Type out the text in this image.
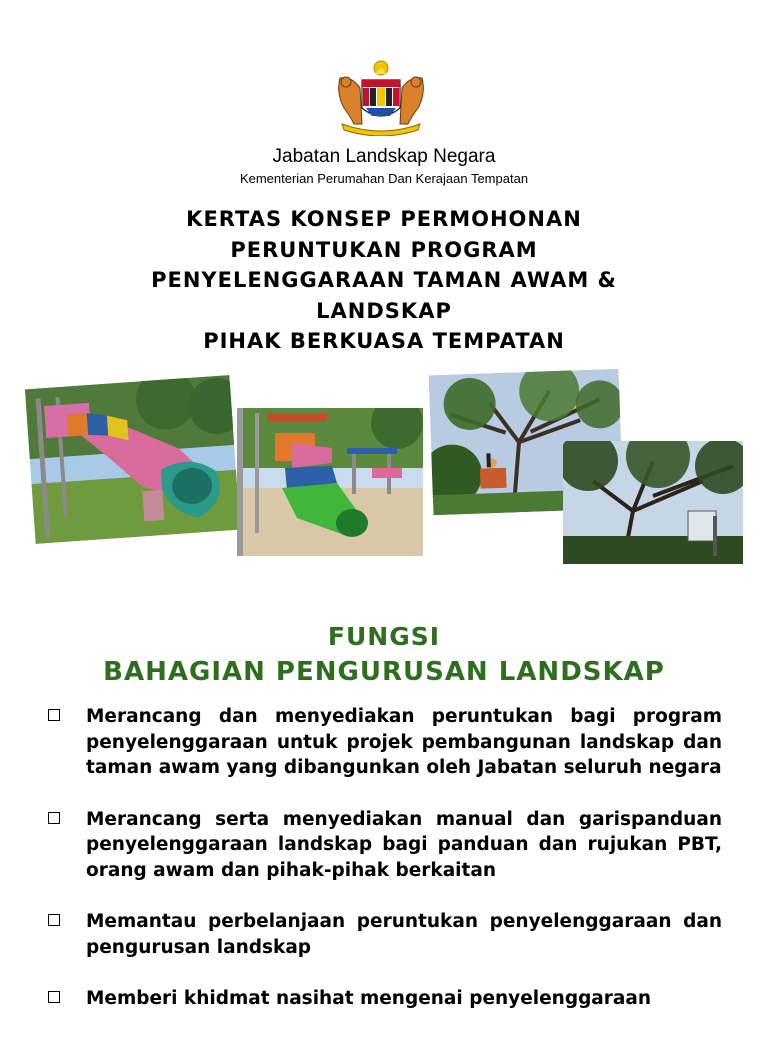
Jabatan Landskap Negara
Kementerian Perumahan Dan Kerajaan Tempatan
KERTAS KONSEP PERMOHONAN
PERUNTUKAN PROGRAM
PENYELENGGARAAN TAMAN AWAM &
LANDSKAP
PIHAK BERKUASA TEMPATAN
FUNGSI
BAHAGIAN PENGURUSAN LANDSKAP
Merancang dan menyediakan peruntukan bagi program penyelenggaraan untuk projek pembangunan landskap dan taman awam yang dibangunkan oleh Jabatan seluruh negara
Merancang serta menyediakan manual dan garispanduan penyelenggaraan landskap bagi panduan dan rujukan PBT, orang awam dan pihak-pihak berkaitan
Memantau perbelanjaan peruntukan penyelenggaraan dan pengurusan landskap
Memberi khidmat nasihat mengenai penyelenggaraan
